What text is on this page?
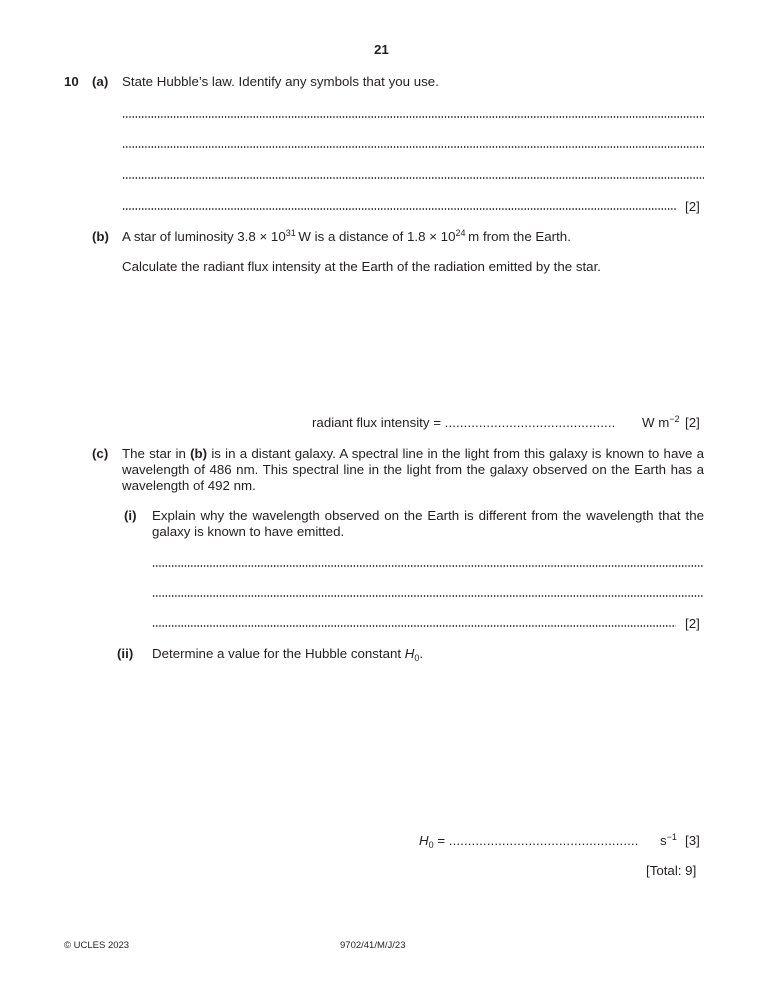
21
10 (a) State Hubble’s law. Identify any symbols that you use.
[2]
(b) A star of luminosity $3.8 \times 10^{31}$  W is a distance of $1.8 \times 10^{24}$  m from the Earth.
Calculate the radiant flux intensity at the Earth of the radiation emitted by the star.
radiant flux intensity = ............................................. W $m^{-2}$ [2]
(c) The star in (b) is in a distant galaxy. A spectral line in the light from this galaxy is known to have a wavelength of 486 nm. This spectral line in the light from the galaxy observed on the Earth has a wavelength of 492 nm.
(i) Explain why the wavelength observed on the Earth is different from the wavelength that the galaxy is known to have emitted.
[2]
(ii) Determine a value for the Hubble constant $H_0$.
$H_0$ = .................................................. $s^{-1}$ [3]
[Total: 9]
© UCLES 2023	9702/41/M/J/23
